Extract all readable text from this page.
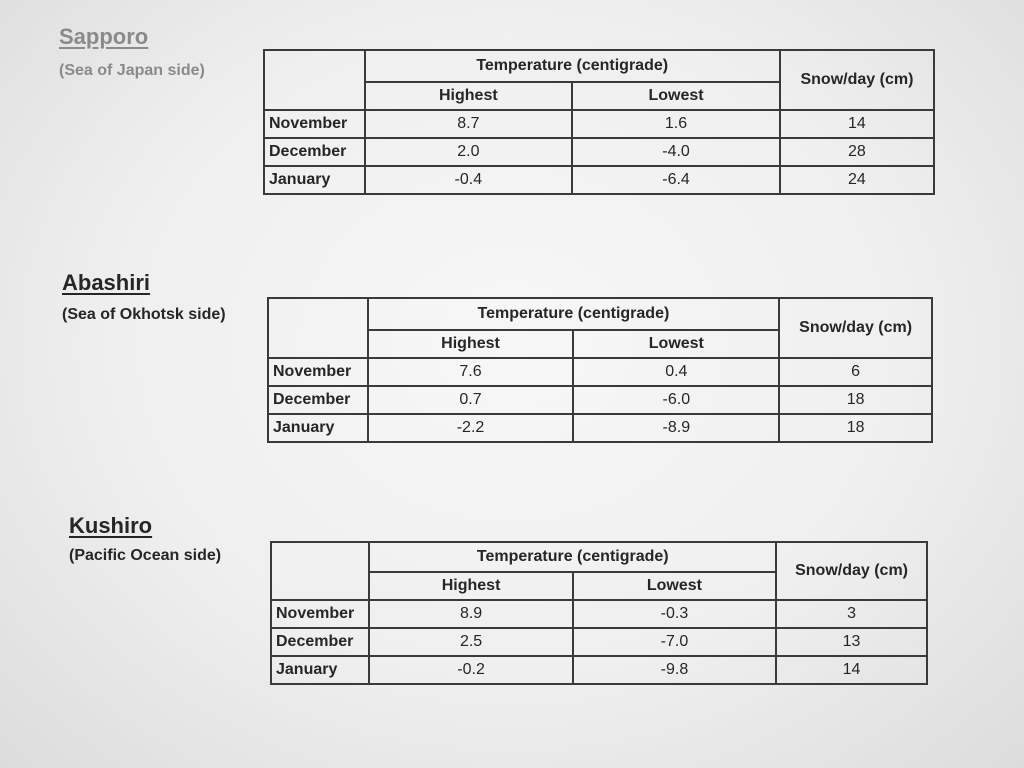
Sapporo
(Sea of Japan side)
		Temperature (centigrade)		Snow/day (cm)
	Highest	Lowest	
November	8.7	1.6	14
December	2.0	-4.0	28
January	-0.4	-6.4	24
Abashiri
(Sea of Okhotsk side)
		Temperature (centigrade)		Snow/day (cm)
	Highest	Lowest	
November	7.6	0.4	6
December	0.7	-6.0	18
January	-2.2	-8.9	18
Kushiro
(Pacific Ocean side)
		Temperature (centigrade)		Snow/day (cm)
	Highest	Lowest	
November	8.9	-0.3	3
December	2.5	-7.0	13
January	-0.2	-9.8	14
